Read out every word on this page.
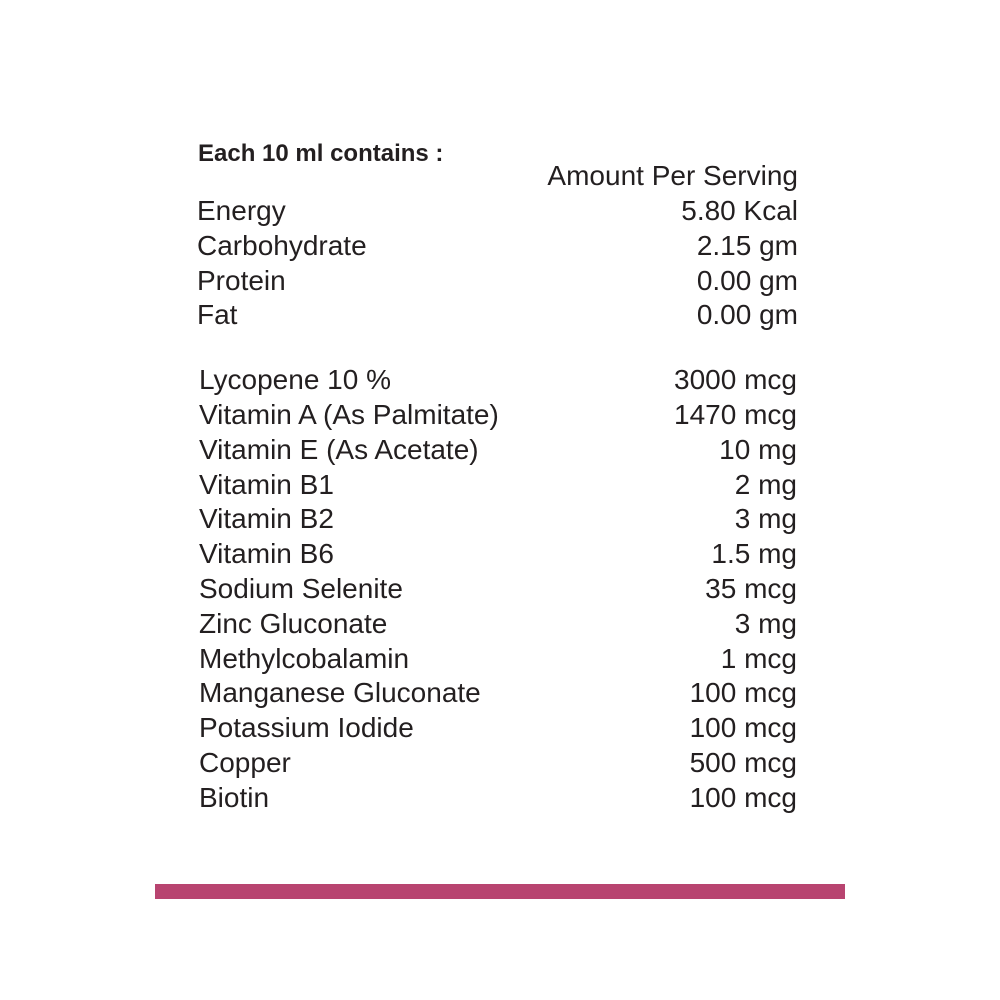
Each 10 ml contains :
Amount Per Serving
Energy	5.80 Kcal
Carbohydrate	2.15 gm
Protein	0.00 gm
Fat	0.00 gm
Lycopene 10 %	3000 mcg
Vitamin A (As Palmitate)	1470 mcg
Vitamin E (As Acetate)	10 mg
Vitamin B1	2 mg
Vitamin B2	3 mg
Vitamin B6	1.5 mg
Sodium Selenite	35 mcg
Zinc Gluconate	3 mg
Methylcobalamin	1 mcg
Manganese Gluconate	100 mcg
Potassium Iodide	100 mcg
Copper	500 mcg
Biotin	100 mcg
